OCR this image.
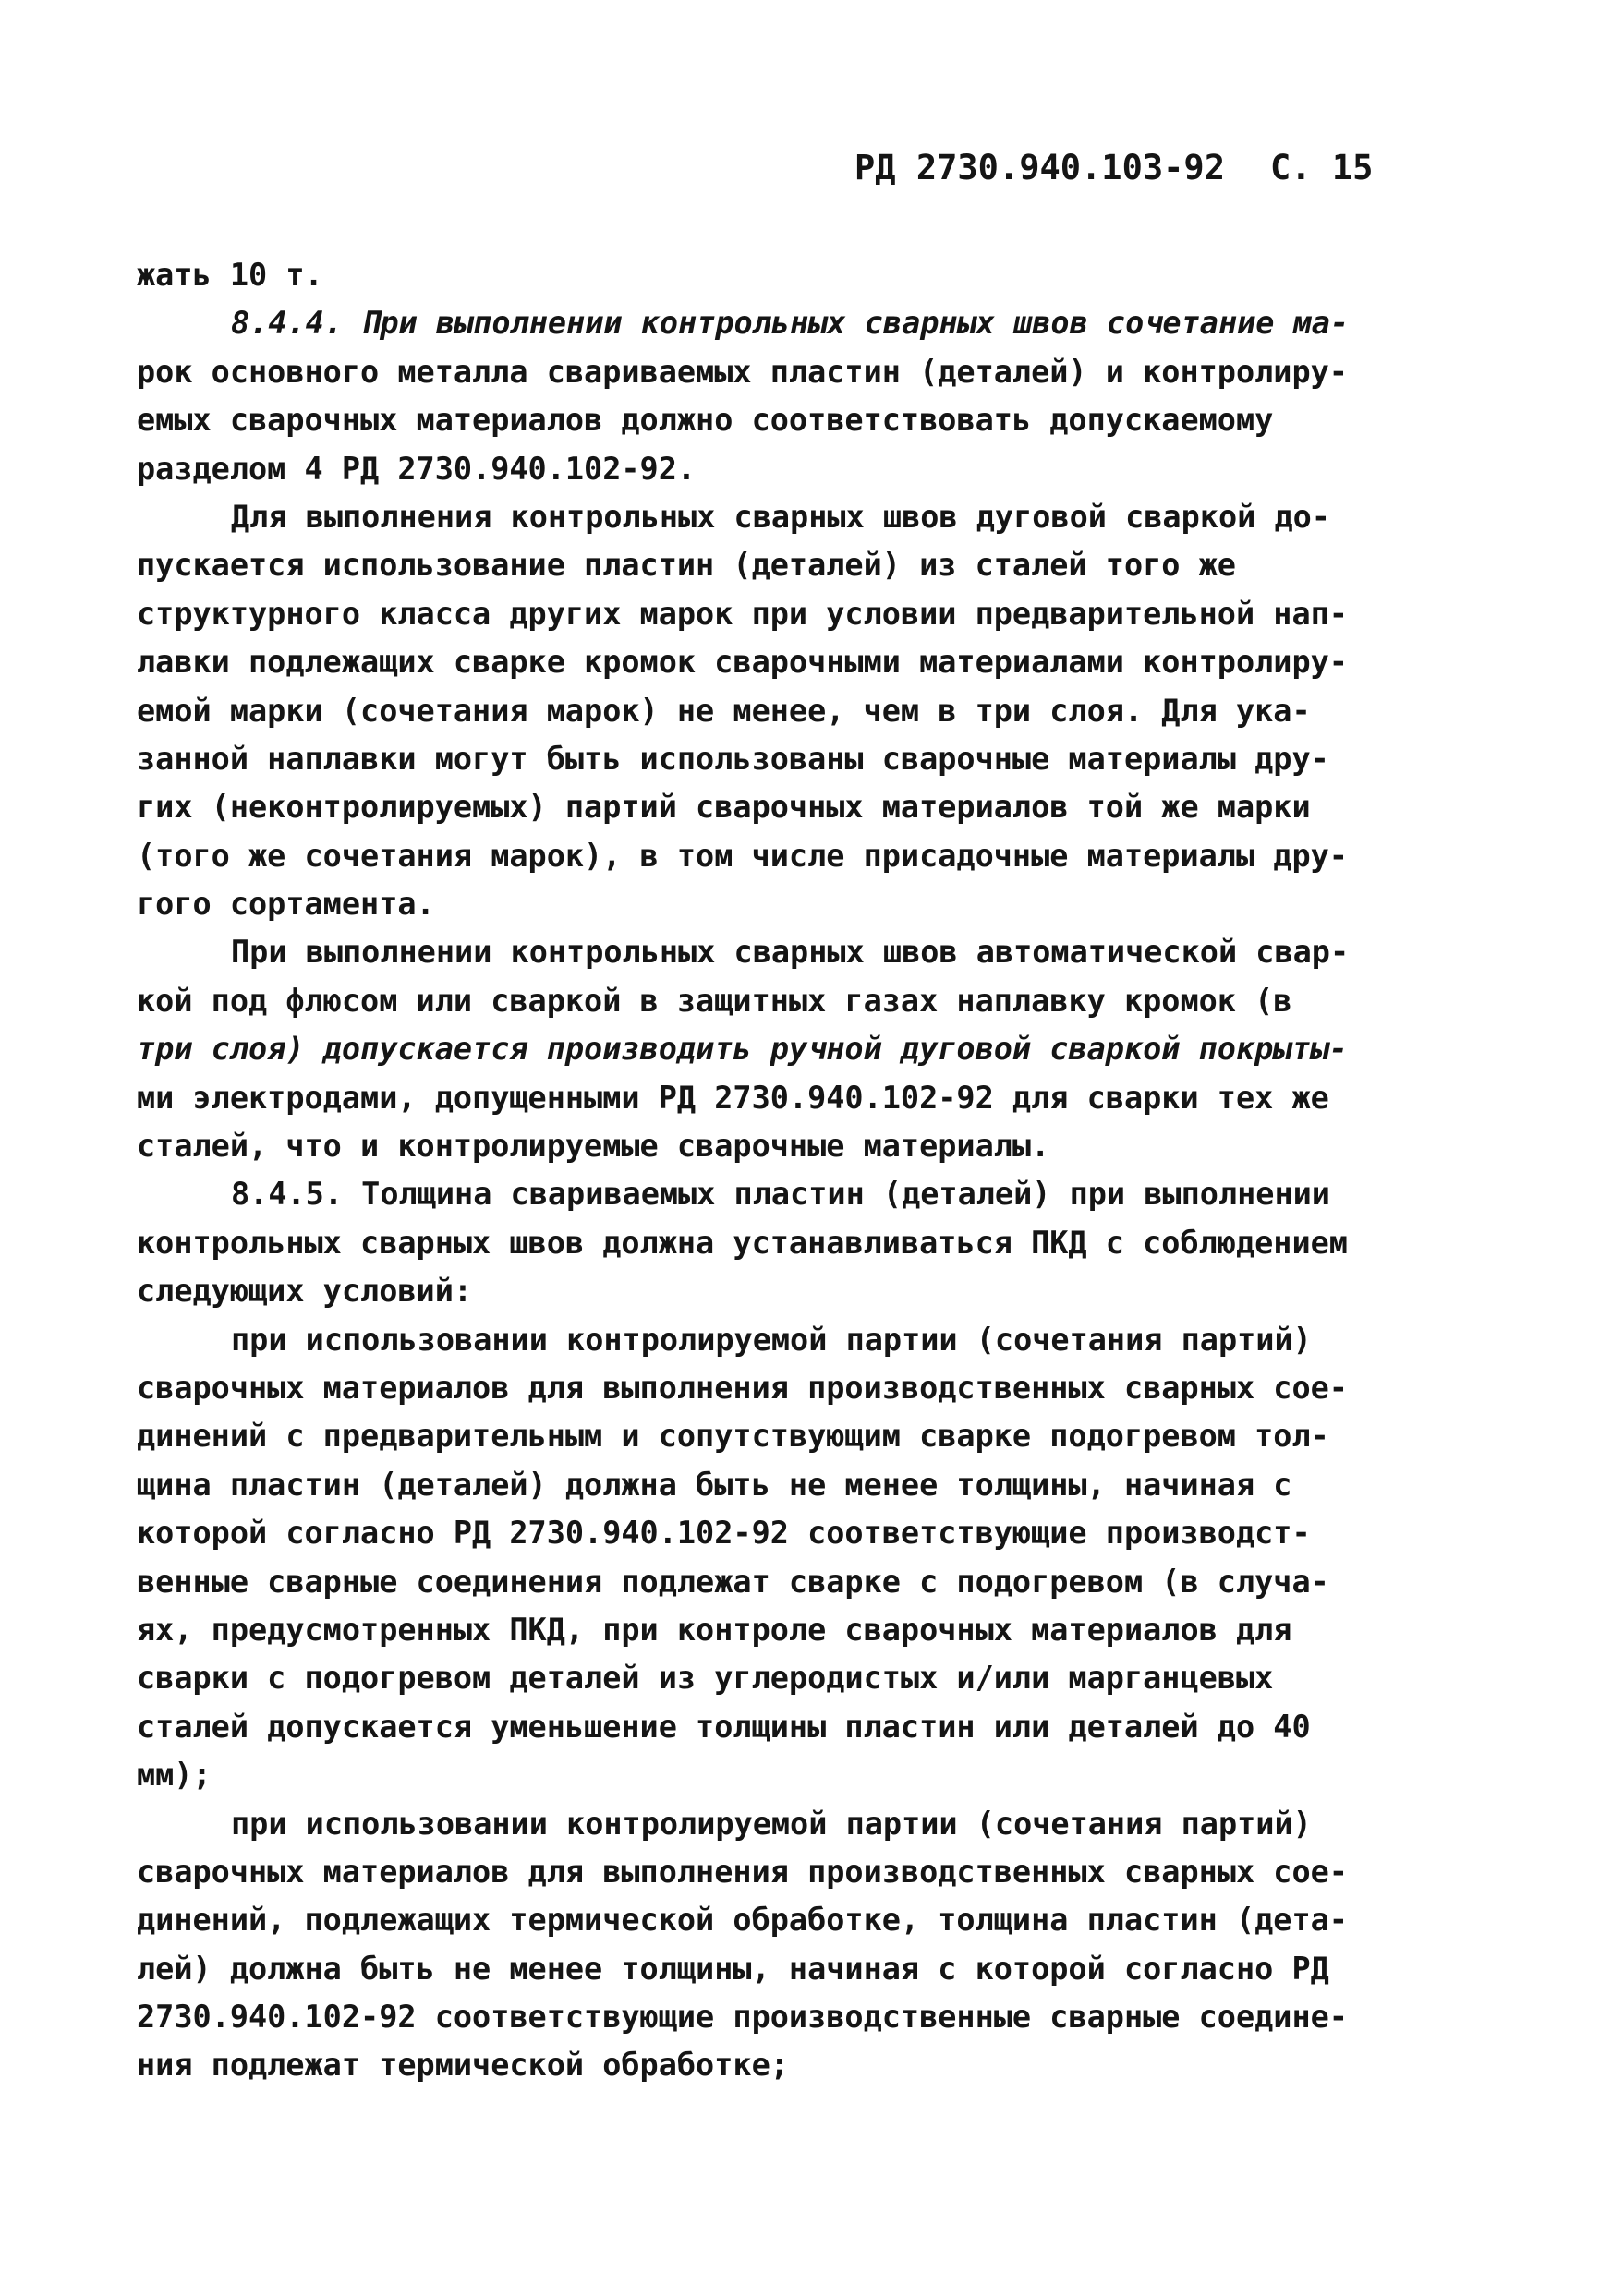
РД 2730.940.103-92 С. 15
жать 10 т.
8.4.4. При выполнении контрольных сварных швов сочетание ма-
рок основного металла свариваемых пластин (деталей) и контролиру-
емых сварочных материалов должно соответствовать допускаемому
разделом 4 РД 2730.940.102-92.
Для выполнения контрольных сварных швов дуговой сваркой до-
пускается использование пластин (деталей) из сталей того же
структурного класса других марок при условии предварительной нап-
лавки подлежащих сварке кромок сварочными материалами контролиру-
емой марки (сочетания марок) не менее, чем в три слоя. Для ука-
занной наплавки могут быть использованы сварочные материалы дру-
гих (неконтролируемых) партий сварочных материалов той же марки
(того же сочетания марок), в том числе присадочные материалы дру-
гого сортамента.
При выполнении контрольных сварных швов автоматической свар-
кой под флюсом или сваркой в защитных газах наплавку кромок (в
три слоя) допускается производить ручной дуговой сваркой покрыты-
ми электродами, допущенными РД 2730.940.102-92 для сварки тех же
сталей, что и контролируемые сварочные материалы.
8.4.5. Толщина свариваемых пластин (деталей) при выполнении
контрольных сварных швов должна устанавливаться ПКД с соблюдением
следующих условий:
при использовании контролируемой партии (сочетания партий)
сварочных материалов для выполнения производственных сварных сое-
динений с предварительным и сопутствующим сварке подогревом тол-
щина пластин (деталей) должна быть не менее толщины, начиная с
которой согласно РД 2730.940.102-92 соответствующие производст-
венные сварные соединения подлежат сварке с подогревом (в случа-
ях, предусмотренных ПКД, при контроле сварочных материалов для
сварки с подогревом деталей из углеродистых и/или марганцевых
сталей допускается уменьшение толщины пластин или деталей до 40
мм);
при использовании контролируемой партии (сочетания партий)
сварочных материалов для выполнения производственных сварных сое-
динений, подлежащих термической обработке, толщина пластин (дета-
лей) должна быть не менее толщины, начиная с которой согласно РД
2730.940.102-92 соответствующие производственные сварные соедине-
ния подлежат термической обработке;
